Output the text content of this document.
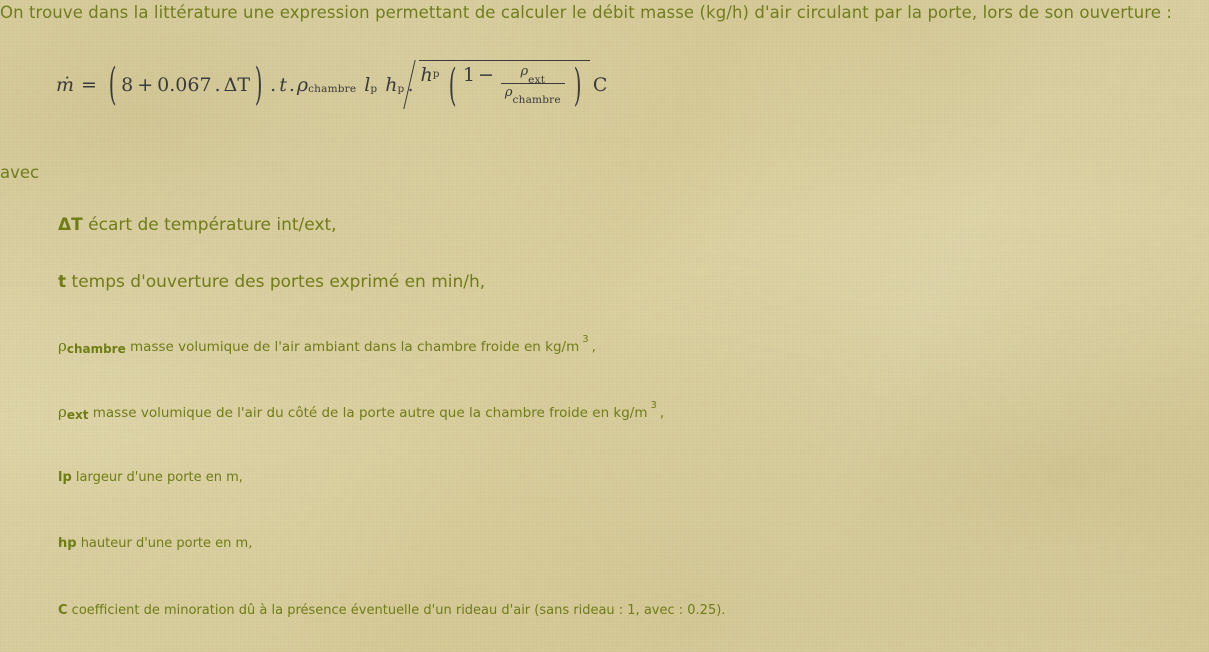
On trouve dans la littérature une expression permettant de calculer le débit masse (kg/h) d'air circulant par la porte, lors de son ouverture :
ṁ = ( 8 + 0.067 . ΔT ) . t . ρ chambre l p h p . h p ( $1 - \frac{\rho_{ext}}{\rho_{chambre}}$ ) C
avec
ΔT écart de température int/ext,
t temps d'ouverture des portes exprimé en min/h,
ρchambre masse volumique de l'air ambiant dans la chambre froide en kg/m $^3$ ,
ρext masse volumique de l'air du côté de la porte autre que la chambre froide en kg/m $^3$ ,
lp largeur d'une porte en m,
hp hauteur d'une porte en m,
C coefficient de minoration dû à la présence éventuelle d'un rideau d'air (sans rideau : 1, avec : 0.25).
